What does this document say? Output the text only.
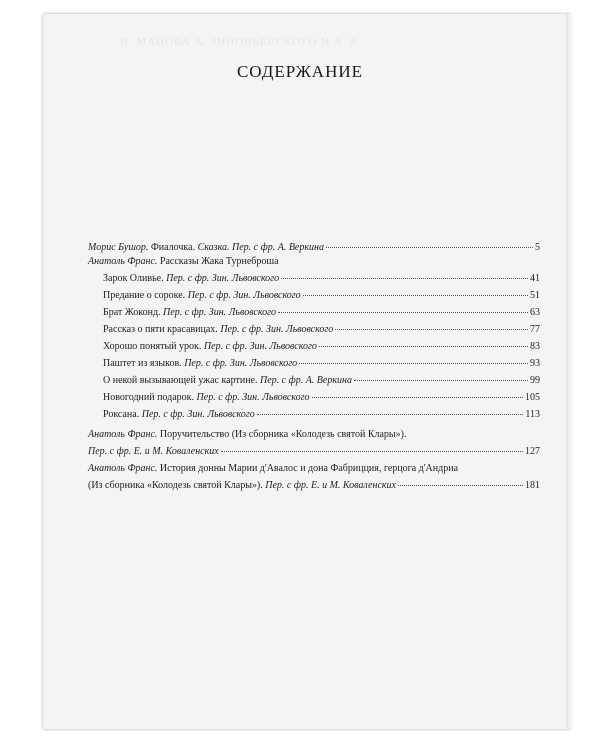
Н. МАНОВА А. ЗИНОВЬЕВСКОГО И А. В.
СОДЕРЖАНИЕ
Морис Бушор. Фиалочка. Сказка. Пер. с фр. А. Веркина	5
Анатоль Франс. Рассказы Жака Турнеброша
Зарок Оливье. Пер. с фр. Зин. Львовского	41
Предание о сороке. Пер. с фр. Зин. Львовского	51
Брат Жоконд. Пер. с фр. Зин. Львовского	63
Рассказ о пяти красавицах. Пер. с фр. Зин. Львовского	77
Хорошо понятый урок. Пер. с фр. Зин. Львовского	83
Паштет из языков. Пер. с фр. Зин. Львовского	93
О некой вызывающей ужас картине. Пер. с фр. А. Веркина	99
Новогодний подарок. Пер. с фр. Зин. Львовского	105
Роксана. Пер. с фр. Зин. Львовского	113
Анатоль Франс. Поручительство (Из сборника «Колодезь святой Клары»).
Пер. с фр. Е. и М. Коваленских	127
Анатоль Франс. История донны Марии д'Авалос и дона Фабрицция, герцога д'Андриа
(Из сборника «Колодезь святой Клары»). Пер. с фр. Е. и М. Коваленских	181
